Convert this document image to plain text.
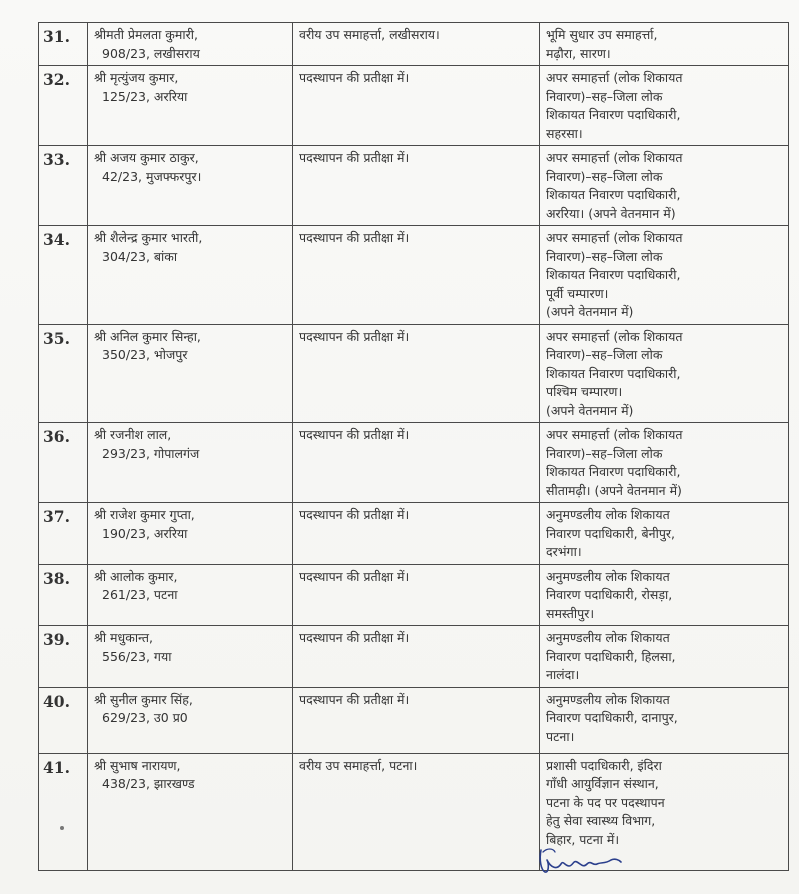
31.	श्रीमती प्रेमलता कुमारी,
908/23, लखीसराय	वरीय उप समाहर्त्ता, लखीसराय।	भूमि सुधार उप समाहर्त्ता,
मढ़ौरा, सारण।

32.	श्री मृत्युंजय कुमार,
125/23, अररिया	पदस्थापन की प्रतीक्षा में।	अपर समाहर्त्ता (लोक शिकायत
निवारण)–सह–जिला लोक
शिकायत निवारण पदाधिकारी,
सहरसा।

33.	श्री अजय कुमार ठाकुर,
42/23, मुजफ्फरपुर।	पदस्थापन की प्रतीक्षा में।	अपर समाहर्त्ता (लोक शिकायत
निवारण)–सह–जिला लोक
शिकायत निवारण पदाधिकारी,
अररिया। (अपने वेतनमान में)

34.	श्री शैलेन्द्र कुमार भारती,
304/23, बांका	पदस्थापन की प्रतीक्षा में।	अपर समाहर्त्ता (लोक शिकायत
निवारण)–सह–जिला लोक
शिकायत निवारण पदाधिकारी,
पूर्वी चम्पारण।
(अपने वेतनमान में)

35.	श्री अनिल कुमार सिन्हा,
350/23, भोजपुर	पदस्थापन की प्रतीक्षा में।	अपर समाहर्त्ता (लोक शिकायत
निवारण)–सह–जिला लोक
शिकायत निवारण पदाधिकारी,
पश्चिम चम्पारण।
(अपने वेतनमान में)

36.	श्री रजनीश लाल,
293/23, गोपालगंज	पदस्थापन की प्रतीक्षा में।	अपर समाहर्त्ता (लोक शिकायत
निवारण)–सह–जिला लोक
शिकायत निवारण पदाधिकारी,
सीतामढ़ी। (अपने वेतनमान में)

37.	श्री राजेश कुमार गुप्ता,
190/23, अररिया	पदस्थापन की प्रतीक्षा में।	अनुमण्डलीय लोक शिकायत
निवारण पदाधिकारी, बेनीपुर,
दरभंगा।

38.	श्री आलोक कुमार,
261/23, पटना	पदस्थापन की प्रतीक्षा में।	अनुमण्डलीय लोक शिकायत
निवारण पदाधिकारी, रोसड़ा,
समस्तीपुर।

39.	श्री मधुकान्त,
556/23, गया	पदस्थापन की प्रतीक्षा में।	अनुमण्डलीय लोक शिकायत
निवारण पदाधिकारी, हिलसा,
नालंदा।

40.	श्री सुनील कुमार सिंह,
629/23, उ0 प्र0	पदस्थापन की प्रतीक्षा में।	अनुमण्डलीय लोक शिकायत
निवारण पदाधिकारी, दानापुर,
पटना।

41.	श्री सुभाष नारायण,
438/23, झारखण्ड	वरीय उप समाहर्त्ता, पटना।	प्रशासी पदाधिकारी, इंदिरा
गाँधी आयुर्विज्ञान संस्थान,
पटना के पद पर पदस्थापन
हेतु सेवा स्वास्थ्य विभाग,
बिहार, पटना में।
